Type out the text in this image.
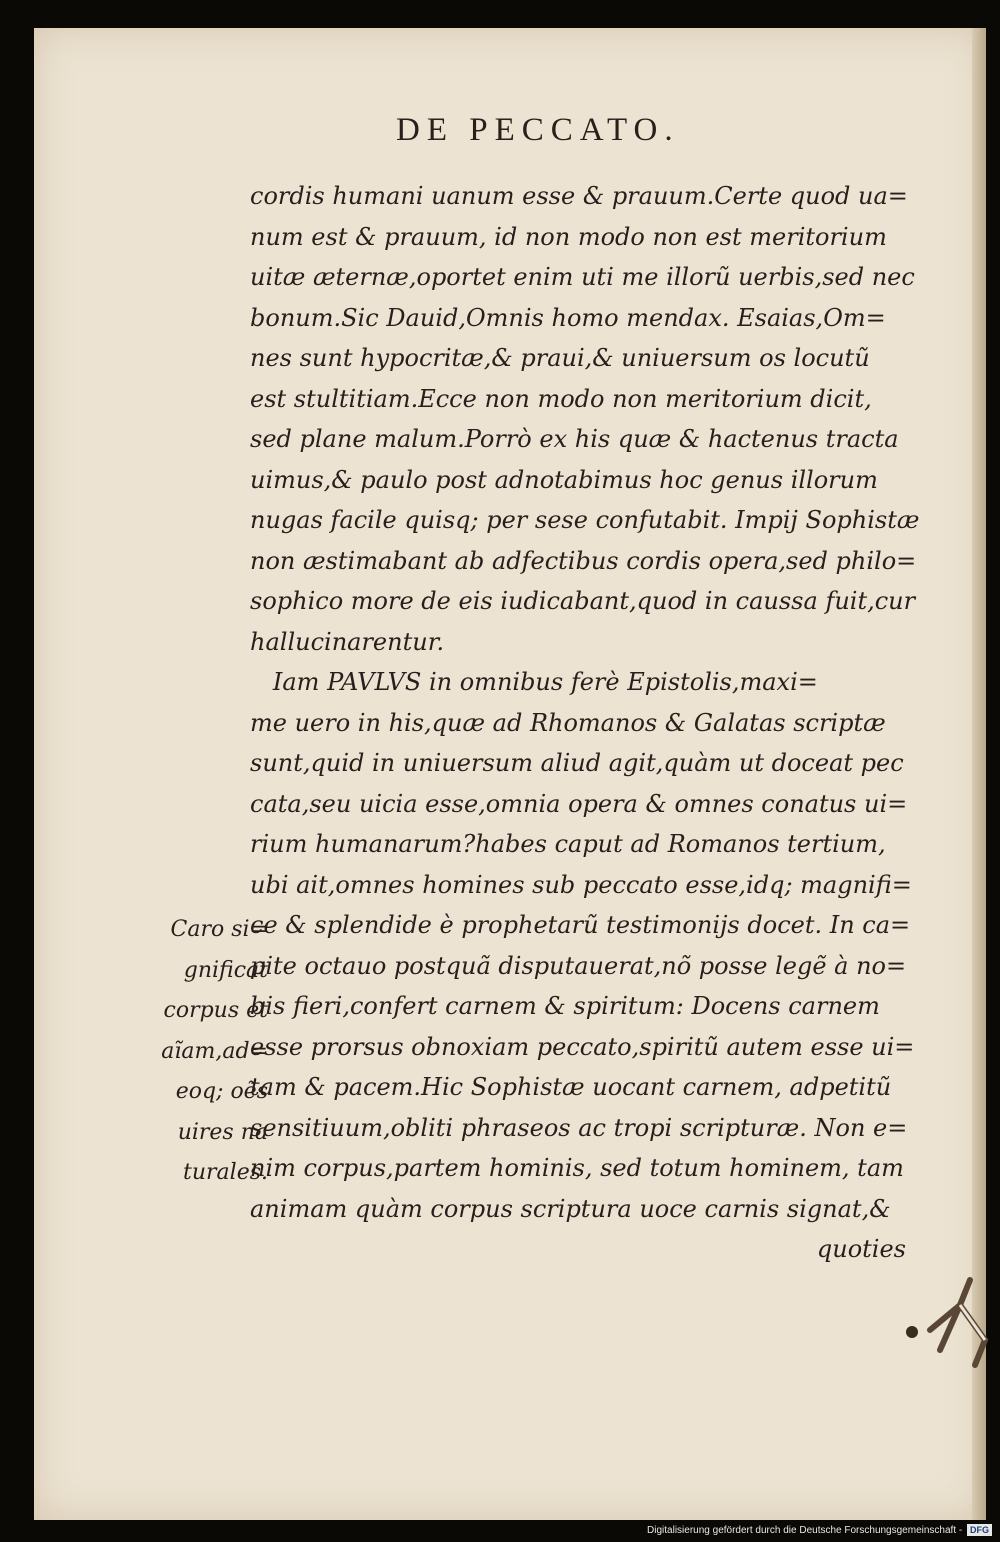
DE PECCATO.
cordis humani uanum esse & prauum.Certe quod ua=
num est & prauum, id non modo non est meritorium
uitæ æternæ,oportet enim uti me illorũ uerbis,sed nec
bonum.Sic Dauid,Omnis homo mendax. Esaias,Om=
nes sunt hypocritæ,& praui,& uniuersum os locutũ
est stultitiam.Ecce non modo non meritorium dicit,
sed plane malum.Porrò ex his quæ & hactenus tracta
uimus,& paulo post adnotabimus hoc genus illorum
nugas facile quisq; per sese confutabit. Impij Sophistæ
non æstimabant ab adfectibus cordis opera,sed philo=
sophico more de eis iudicabant,quod in caussa fuit,cur
hallucinarentur.
Iam PAVLVS in omnibus ferè Epistolis,maxi=
me uero in his,quæ ad Rhomanos & Galatas scriptæ
sunt,quid in uniuersum aliud agit,quàm ut doceat pec
cata,seu uicia esse,omnia opera & omnes conatus ui=
rium humanarum?habes caput ad Romanos tertium,
ubi ait,omnes homines sub peccato esse,idq; magnifi=
ce & splendide è prophetarũ testimonijs docet. In ca=
pite octauo postquã disputauerat,nõ posse legẽ à no=
bis fieri,confert carnem & spiritum: Docens carnem
esse prorsus obnoxiam peccato,spiritũ autem esse ui=
tam & pacem.Hic Sophistæ uocant carnem, adpetitũ
sensitiuum,obliti phraseos ac tropi scripturæ. Non e=
nim corpus,partem hominis, sed totum hominem, tam
animam quàm corpus scriptura uoce carnis signat,&
quoties
Caro si=
gnificat
corpus et
aĩam,ad=
eoq; oẽs
uires na
turales.
Digitalisierung gefördert durch die Deutsche Forschungsgemeinschaft - DFG
